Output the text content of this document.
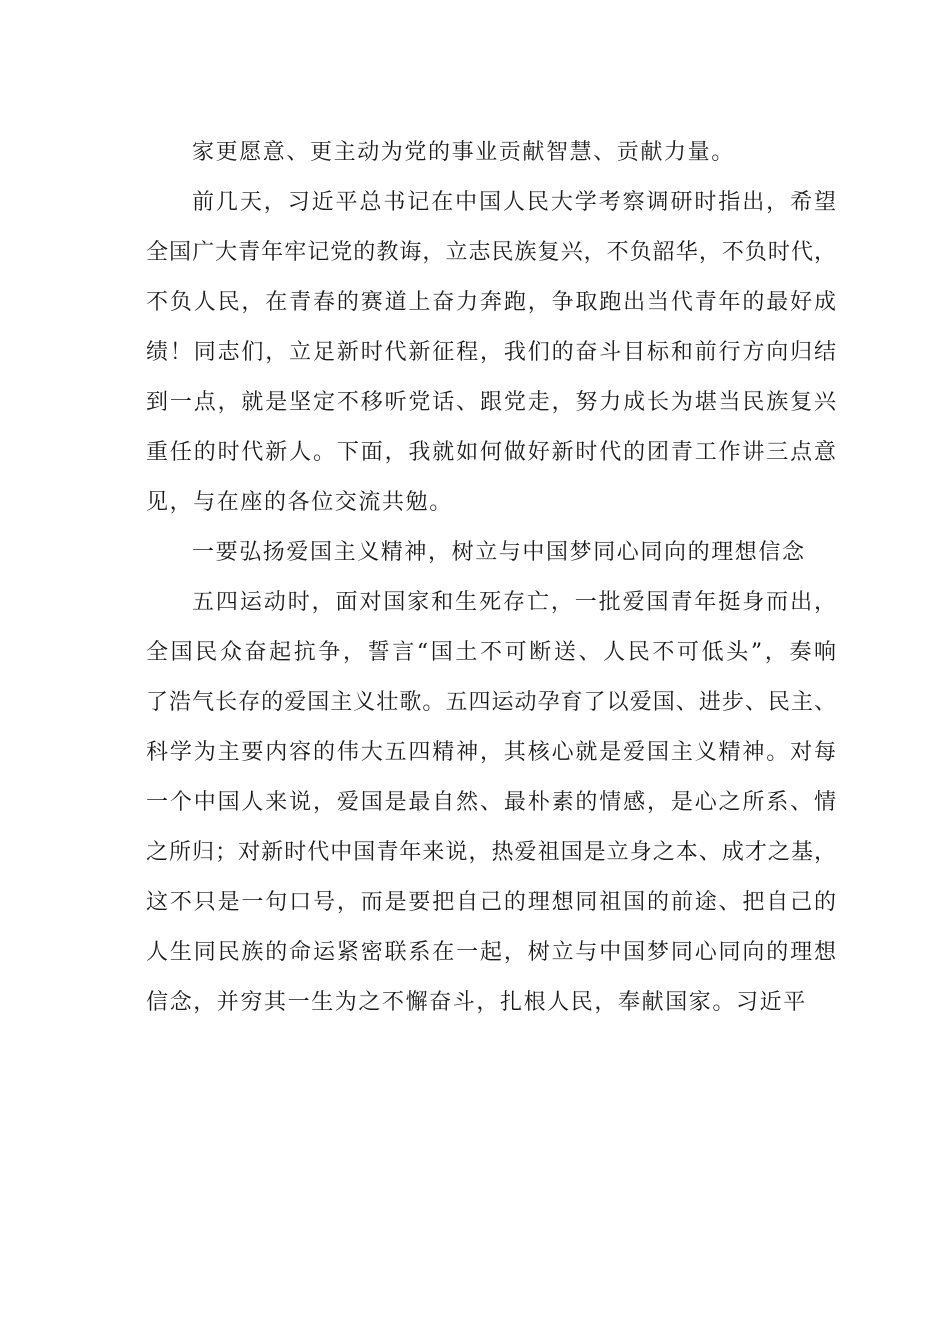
家更愿意、更主动为党的事业贡献智慧、贡献力量。
前几天，习近平总书记在中国人民大学考察调研时指出，希望
全国广大青年牢记党的教诲，立志民族复兴，不负韶华，不负时代，
不负人民，在青春的赛道上奋力奔跑，争取跑出当代青年的最好成
绩！同志们，立足新时代新征程，我们的奋斗目标和前行方向归结
到一点，就是坚定不移听党话、跟党走，努力成长为堪当民族复兴
重任的时代新人。下面，我就如何做好新时代的团青工作讲三点意
见，与在座的各位交流共勉。
一要弘扬爱国主义精神，树立与中国梦同心同向的理想信念
五四运动时，面对国家和生死存亡，一批爱国青年挺身而出，
全国民众奋起抗争，誓言“国土不可断送、人民不可低头”，奏响
了浩气长存的爱国主义壮歌。五四运动孕育了以爱国、进步、民主、
科学为主要内容的伟大五四精神，其核心就是爱国主义精神。对每
一个中国人来说，爱国是最自然、最朴素的情感，是心之所系、情
之所归；对新时代中国青年来说，热爱祖国是立身之本、成才之基，
这不只是一句口号，而是要把自己的理想同祖国的前途、把自己的
人生同民族的命运紧密联系在一起，树立与中国梦同心同向的理想
信念，并穷其一生为之不懈奋斗，扎根人民，奉献国家。习近平
